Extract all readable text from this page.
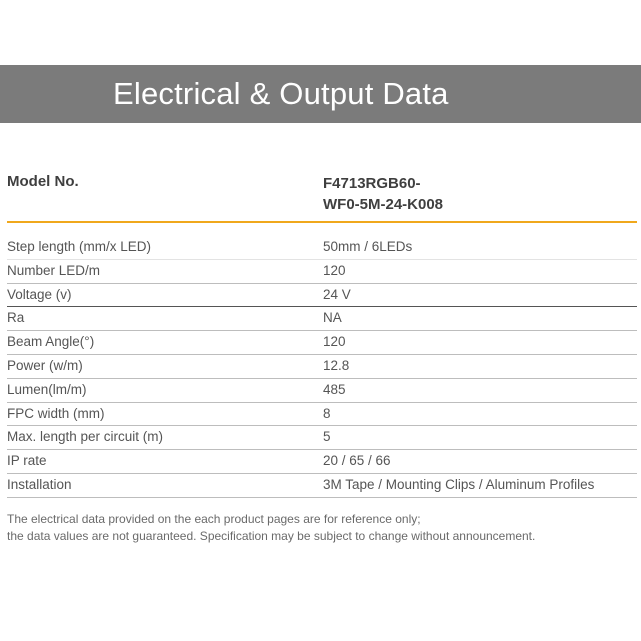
Electrical & Output Data
Model No.	F4713RGB60-
WF0-5M-24-K008
Step length (mm/x LED)	50mm / 6LEDs
Number LED/m	120
Voltage (v)	24 V
Ra	NA
Beam Angle(°)	120
Power (w/m)	12.8
Lumen(lm/m)	485
FPC width (mm)	8
Max. length per circuit (m)	5
IP rate	20 / 65 / 66
Installation	3M Tape / Mounting Clips / Aluminum Profiles
The electrical data provided on the each product pages are for reference only;
the data values are not guaranteed. Specification may be subject to change without announcement.
